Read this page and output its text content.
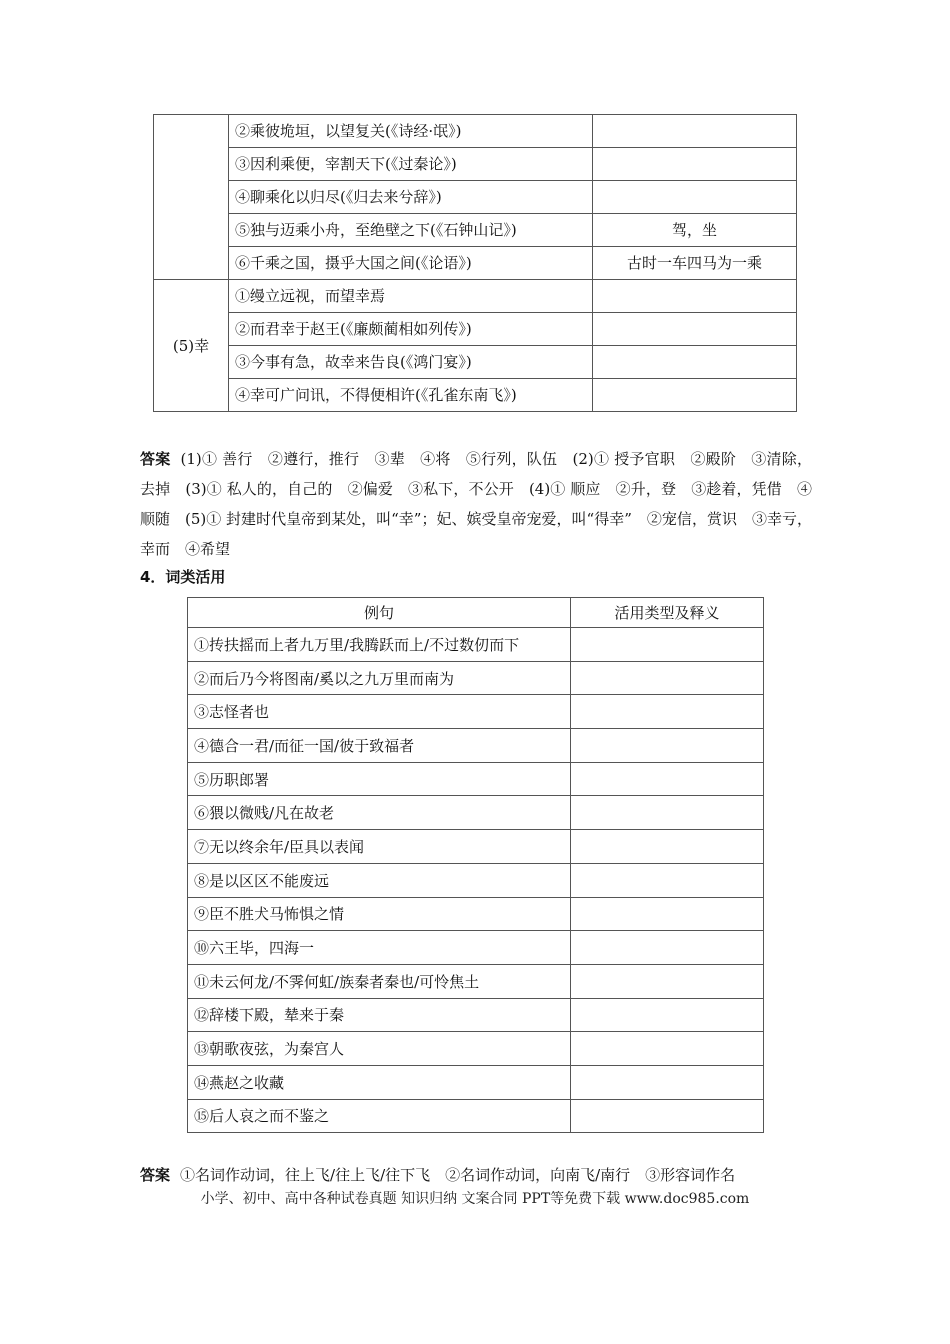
	②乘彼垝垣，以望复关(《诗经·氓》)	
	③因利乘便，宰割天下(《过秦论》)	
	④聊乘化以归尽(《归去来兮辞》)	
	⑤独与迈乘小舟，至绝壁之下(《石钟山记》)	驾，坐
	⑥千乘之国，摄乎大国之间(《论语》)	古时一车四马为一乘
(5)幸	①缦立远视，而望幸焉	
	②而君幸于赵王(《廉颇蔺相如列传》)	
	③今事有急，故幸来告良(《鸿门宴》)	
	④幸可广问讯，不得便相许(《孔雀东南飞》)	
答案 (1)① 善行　②遵行，推行　③辈　④将　⑤行列，队伍　(2)① 授予官职　②殿阶　③清除，去掉　(3)① 私人的，自己的　②偏爱　③私下，不公开　(4)① 顺应　②升，登　③趁着，凭借　④顺随　(5)① 封建时代皇帝到某处，叫“幸”；妃、嫔受皇帝宠爱，叫“得幸”　②宠信，赏识　③幸亏，幸而　④希望
4．词类活用
例句	活用类型及释义
①抟扶摇而上者九万里/我腾跃而上/不过数仞而下	
②而后乃今将图南/奚以之九万里而南为	
③志怪者也	
④德合一君/而征一国/彼于致福者	
⑤历职郎署	
⑥猥以微贱/凡在故老	
⑦无以终余年/臣具以表闻	
⑧是以区区不能废远	
⑨臣不胜犬马怖惧之情	
⑩六王毕，四海一	
⑪未云何龙/不霁何虹/族秦者秦也/可怜焦土	
⑫辞楼下殿，辇来于秦	
⑬朝歌夜弦，为秦宫人	
⑭燕赵之收藏	
⑮后人哀之而不鉴之	
答案 ①名词作动词，往上飞/往上飞/往下飞　②名词作动词，向南飞/南行　③形容词作名
小学、初中、高中各种试卷真题 知识归纳 文案合同 PPT等免费下载 www.doc985.com
